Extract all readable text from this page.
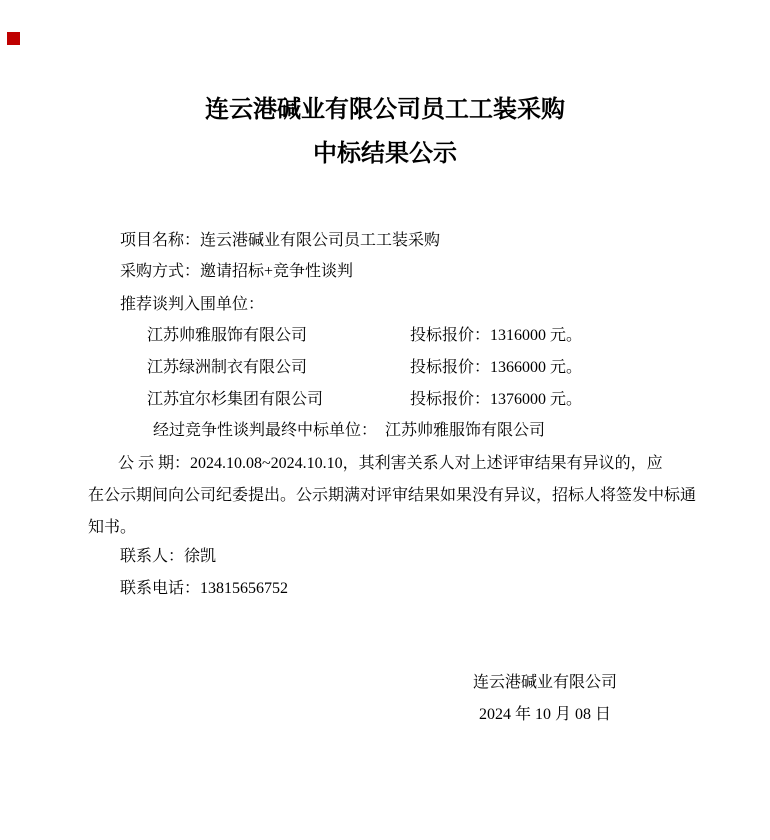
连云港碱业有限公司员工工装采购
中标结果公示
项目名称：连云港碱业有限公司员工工装采购
采购方式：邀请招标+竞争性谈判
推荐谈判入围单位：
江苏帅雅服饰有限公司	投标报价：1316000 元。
江苏绿洲制衣有限公司	投标报价：1366000 元。
江苏宜尔杉集团有限公司	投标报价：1376000 元。
经过竞争性谈判最终中标单位：　江苏帅雅服饰有限公司
公 示 期：2024.10.08~2024.10.10，其利害关系人对上述评审结果有异议的，应
在公示期间向公司纪委提出。公示期满对评审结果如果没有异议，招标人将签发中标通
知书。
联系人：徐凯
联系电话：13815656752
连云港碱业有限公司
2024 年 10 月 08 日
